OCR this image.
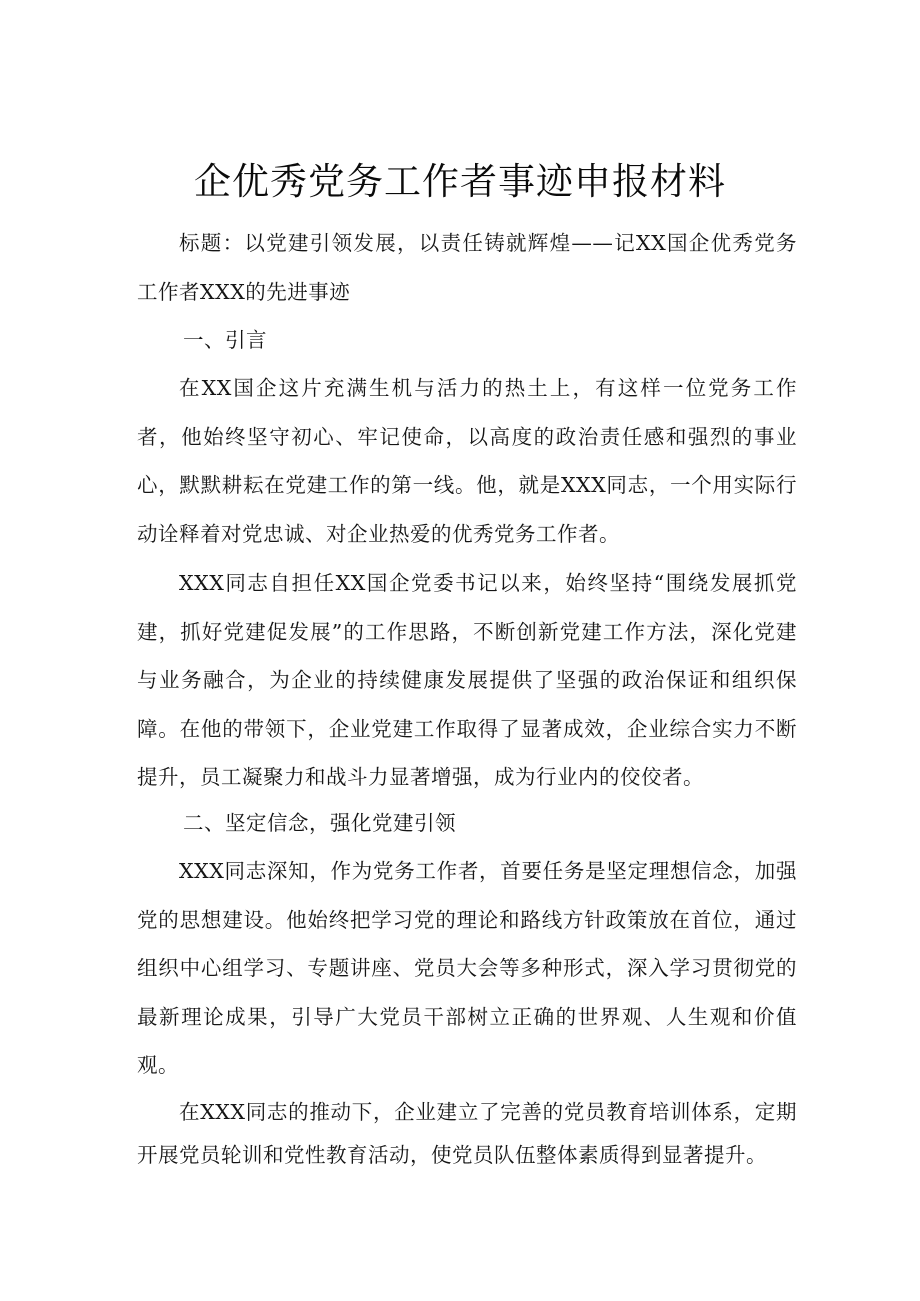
企优秀党务工作者事迹申报材料

标题：以党建引领发展，以责任铸就辉煌——记XX国企优秀党务工作者XXX的先进事迹

一、引言

在XX国企这片充满生机与活力的热土上，有这样一位党务工作者，他始终坚守初心、牢记使命，以高度的政治责任感和强烈的事业心，默默耕耘在党建工作的第一线。他，就是XXX同志，一个用实际行动诠释着对党忠诚、对企业热爱的优秀党务工作者。

XXX同志自担任XX国企党委书记以来，始终坚持“围绕发展抓党建，抓好党建促发展”的工作思路，不断创新党建工作方法，深化党建与业务融合，为企业的持续健康发展提供了坚强的政治保证和组织保障。在他的带领下，企业党建工作取得了显著成效，企业综合实力不断提升，员工凝聚力和战斗力显著增强，成为行业内的佼佼者。

二、坚定信念，强化党建引领

XXX同志深知，作为党务工作者，首要任务是坚定理想信念，加强党的思想建设。他始终把学习党的理论和路线方针政策放在首位，通过组织中心组学习、专题讲座、党员大会等多种形式，深入学习贯彻党的最新理论成果，引导广大党员干部树立正确的世界观、人生观和价值观。

在XXX同志的推动下，企业建立了完善的党员教育培训体系，定期开展党员轮训和党性教育活动，使党员队伍整体素质得到显著提升。
